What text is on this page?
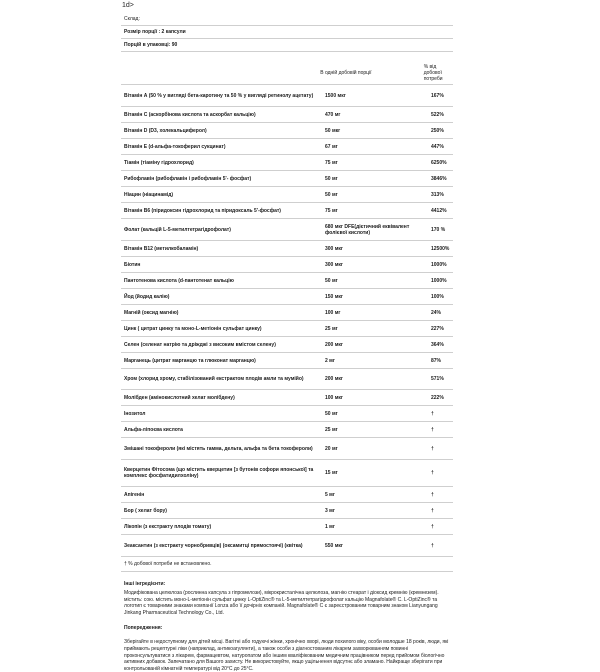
1d>
Склад:
Розмір порції : 2 капсули
Порцій в упаковці: 90
В одній добовій порції
% від добової потреби
Вітамін А (50 % у вигляді бета-каротину та 50 % у вигляді ретинолу ацетату)	1500 мкг	167%
Вітамін С (аскорбінова кислота та аскорбат кальцію)	470 мг	522%
Вітамін D (D3, холекальциферол)	50 мкг	250%
Вітамін Е (d-альфа-токоферил сукцинат)	67 мг	447%
Тіамін (тіаміну гідрохлорид)	75 мг	6250%
Рибофлавін (рибофлавін і рибофлавін 5'- фосфат)	50 мг	3846%
Ніацин (ніацинамід)	50 мг	313%
Вітамін В6 (піридоксин гідрохлорид та піридоксаль 5'-фосфат)	75 мг	4412%
Фолат (кальцій L-5-метилтетрагідрофолат)	680 мкг DFE(дієтичний еквівалент фолієвої кислоти)	170 %
Вітамін В12 (метилкобаламін)	300 мкг	12500%
Біотин	300 мкг	1000%
Пантотенова кислота (d-пантотенат кальцію	50 мг	1000%
Йод (йодид калію)	150 мкг	100%
Магній (оксид магнію)	100 мг	24%
Цинк ( цитрат цинку та моно-L-метіонін сульфат цинку)	25 мг	227%
Селен (селенат натрію та дріжджі з високим вмістом селену)	200 мкг	364%
Марганець (цитрат марганцю та глюконат марганцю)	2 мг	87%
Хром (хлорид хрому, стабілізований екстрактом плодів амли та мумійо)	200 мкг	571%
Молібден (амінокислотний хелат молібдену)	100 мкг	222%
Інозитол	50 мг	†
Альфа-ліпоєва кислота	25 мг	†
Змішані токофероли (які містять гамма, дельта, альфа та бета токофероли)	20 мг	†
Кверцетин Фітосома (що містить кверцетин [з бутонів софори японської] та комплекс фосфатидилхоліну)	15 мг	†
Апігенін	5 мг	†
Бор ( хелат бору)	3 мг	†
Лікопін (з екстракту плодів томату)	1 мг	†
Зеаксантин (з екстракту чорнобривців) (оксамитці прямостоячі) (квітка)	550 мкг	†
† % добової потреби не встановлено.
Інші інгредієнти:
Модифікована целюлоза (рослинна капсула з гіпромелози), мікрокристалічна целюлоза, магнію стеарат і діоксид кремнію (кремнезем). містить: сою. містить моно-L-метіонін сульфат цинку L-OptiZinc® та L-5-метилтетрагідрофолат кальцію Magnafolate® C. L-OptiZinc® та логотип є товарними знаками компанії Lonza або її дочірніх компаній. Magnafolate® C є зареєстрованим товарним знаком Lianyungang Jinkang Pharmaceutical Technology Co., Ltd.
Попередження:
Зберігайте в недоступному для дітей місці. Вагітні або годуючі жінки, хронічно хворі, люди похилого віку, особи молодше 18 років, люди, які приймають рецептурні ліки (наприклад, антикоагулянти), а також особи з діагностованим лікарем захворюванням повинні проконсультуватися з лікарем, фармацевтом, натуропатом або іншим кваліфікованим медичним працівником перед прийомом біологічно активних добавок. Запечатано для Вашого захисту. Не використовуйте, якщо ущільнення відсутнє або зламано. Найкраще зберігати при контрольованій кімнатній температурі від 20°C до 25°C.
